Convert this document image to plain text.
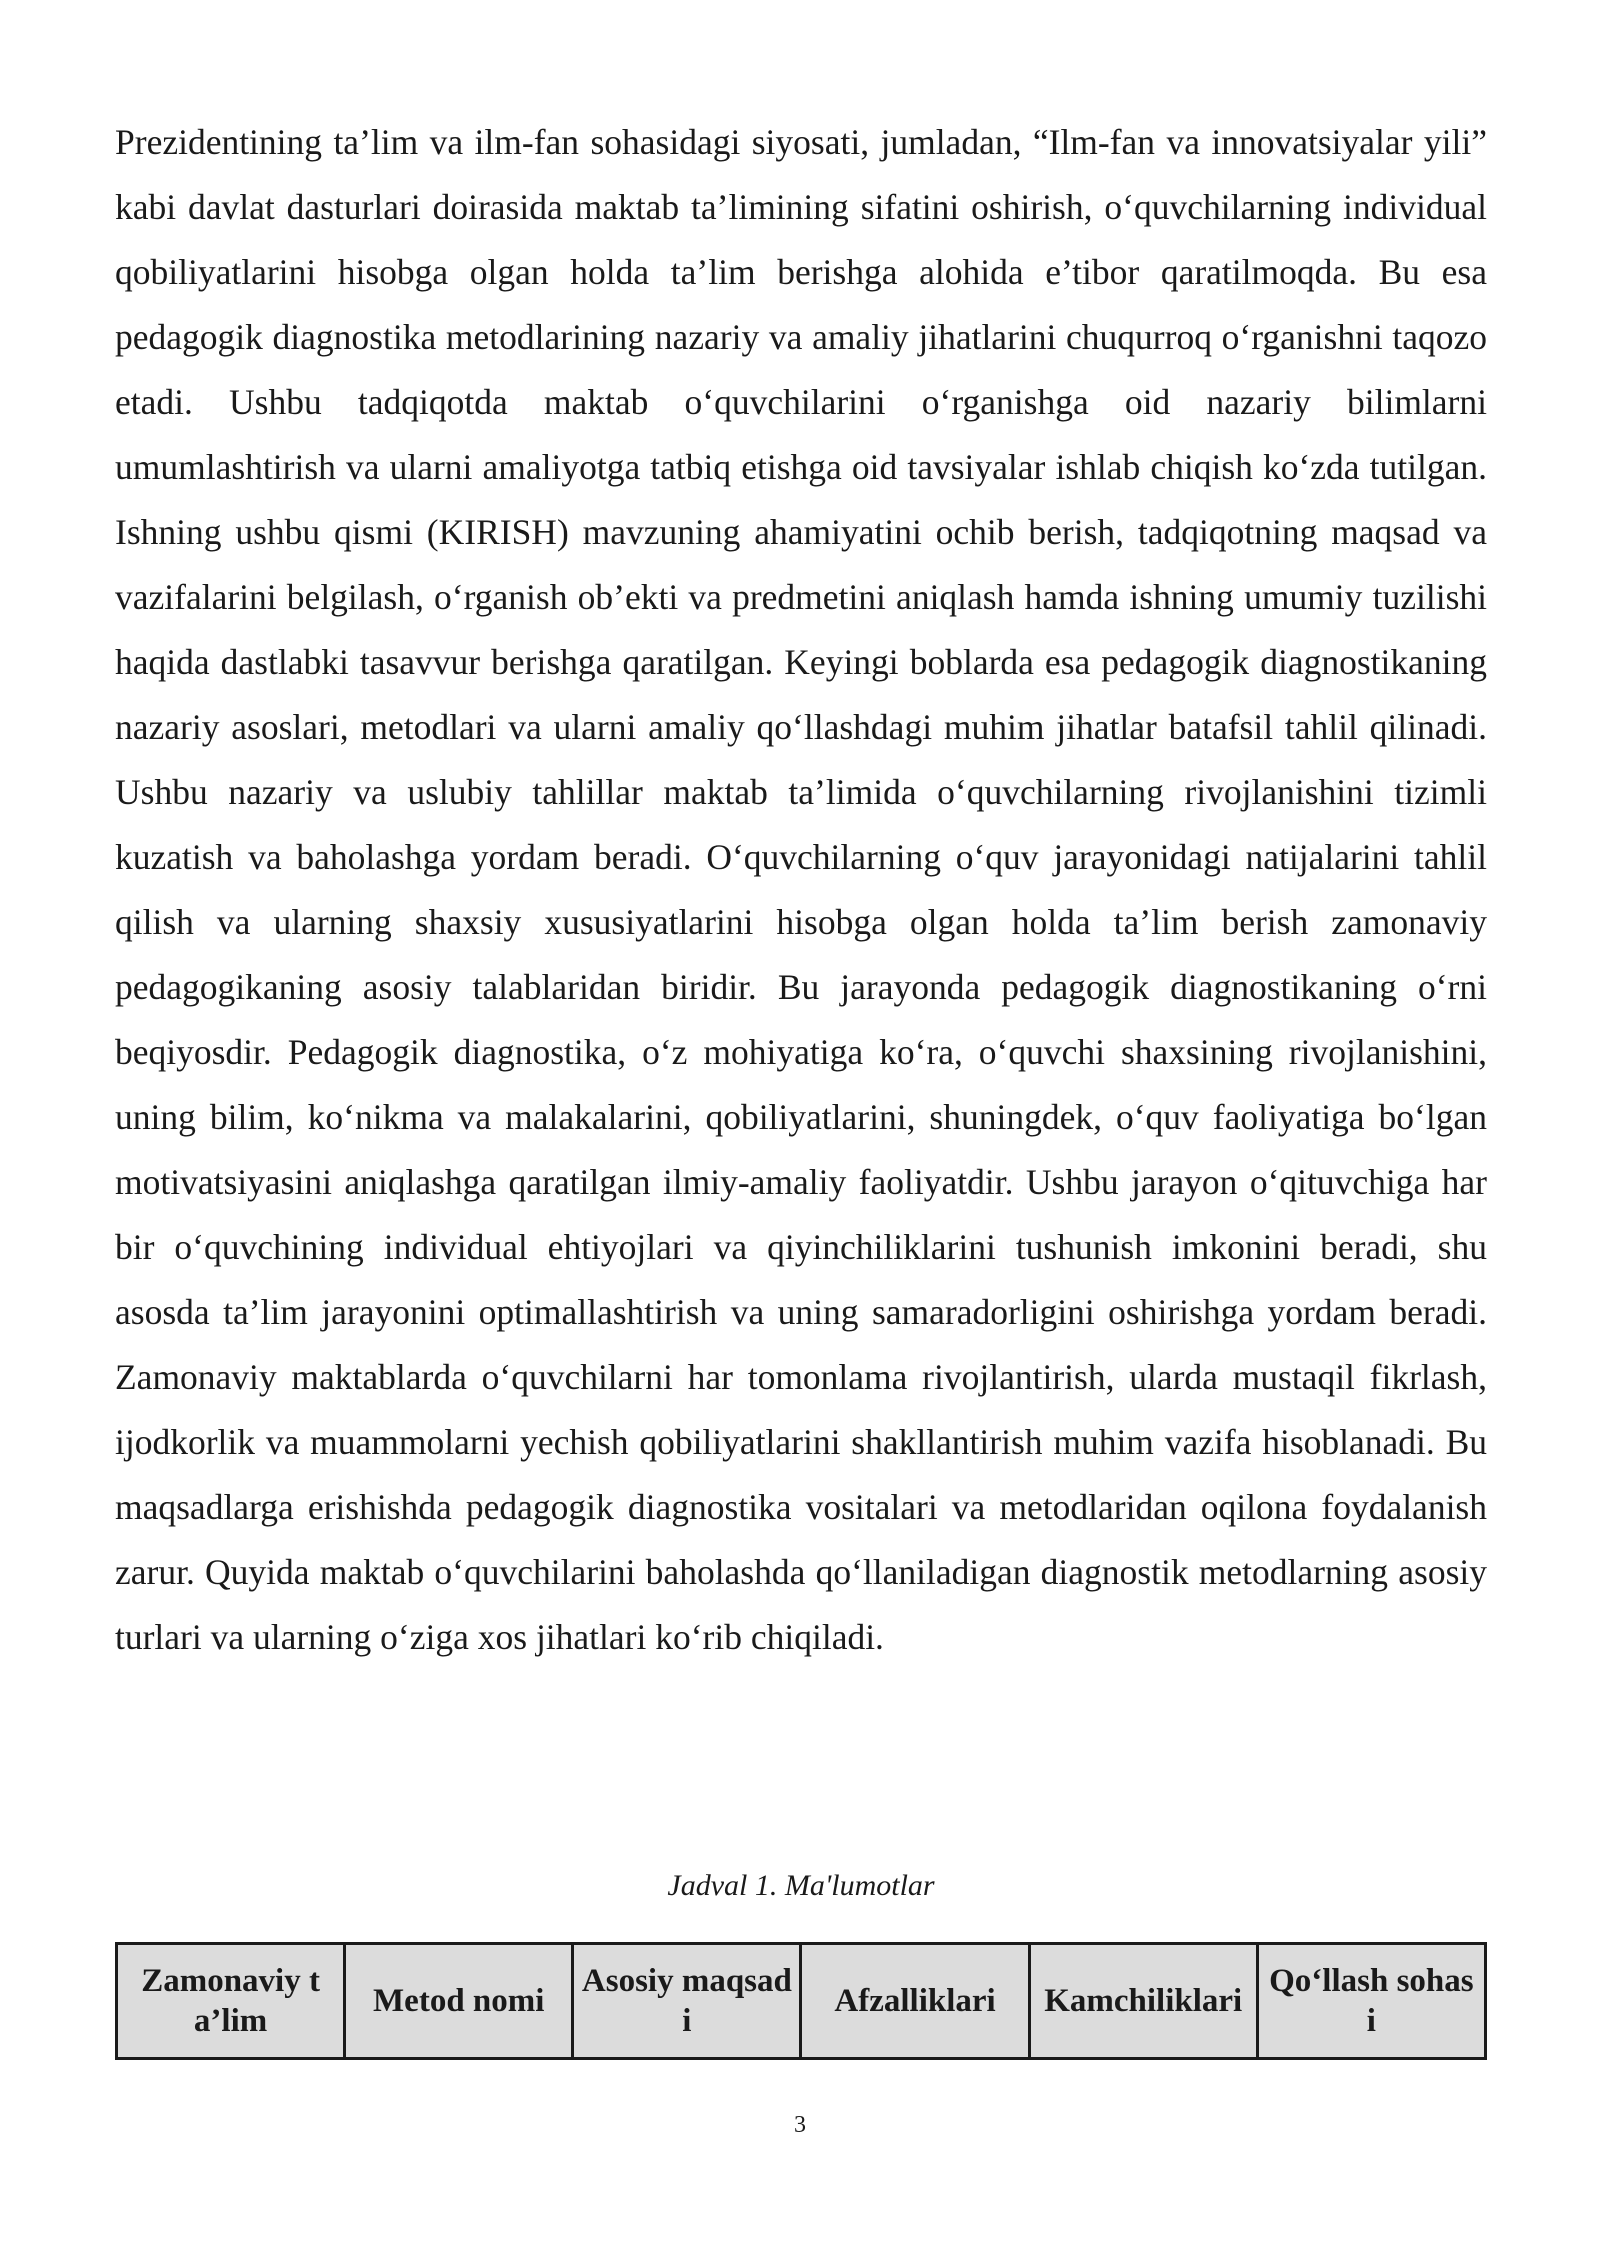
Prezidentining ta’lim va ilm-fan sohasidagi siyosati, jumladan, “Ilm-fan va innovatsiyalar yili” kabi davlat dasturlari doirasida maktab ta’limining sifatini oshirish, o‘quvchilarning individual qobiliyatlarini hisobga olgan holda ta’lim berishga alohida e’tibor qaratilmoqda. Bu esa pedagogik diagnostika metodlarining nazariy va amaliy jihatlarini chuqurroq o‘rganishni taqozo etadi. Ushbu tadqiqotda maktab o‘quvchilarini o‘rganishga oid nazariy bilimlarni umumlashtirish va ularni amaliyotga tatbiq etishga oid tavsiyalar ishlab chiqish ko‘zda tutilgan. Ishning ushbu qismi (KIRISH) mavzuning ahamiyatini ochib berish, tadqiqotning maqsad va vazifalarini belgilash, o‘rganish ob’ekti va predmetini aniqlash hamda ishning umumiy tuzilishi haqida dastlabki tasavvur berishga qaratilgan. Keyingi boblarda esa pedagogik diagnostikaning nazariy asoslari, metodlari va ularni amaliy qo‘llashdagi muhim jihatlar batafsil tahlil qilinadi. Ushbu nazariy va uslubiy tahlillar maktab ta’limida o‘quvchilarning rivojlanishini tizimli kuzatish va baholashga yordam beradi. O‘quvchilarning o‘quv jarayonidagi natijalarini tahlil qilish va ularning shaxsiy xususiyatlarini hisobga olgan holda ta’lim berish zamonaviy pedagogikaning asosiy talablaridan biridir. Bu jarayonda pedagogik diagnostikaning o‘rni beqiyosdir. Pedagogik diagnostika, o‘z mohiyatiga ko‘ra, o‘quvchi shaxsining rivojlanishini, uning bilim, ko‘nikma va malakalarini, qobiliyatlarini, shuningdek, o‘quv faoliyatiga bo‘lgan motivatsiyasini aniqlashga qaratilgan ilmiy-amaliy faoliyatdir. Ushbu jarayon o‘qituvchiga har bir o‘quvchining individual ehtiyojlari va qiyinchiliklarini tushunish imkonini beradi, shu asosda ta’lim jarayonini optimallashtirish va uning samaradorligini oshirishga yordam beradi. Zamonaviy maktablarda o‘quvchilarni har tomonlama rivojlantirish, ularda mustaqil fikrlash, ijodkorlik va muammolarni yechish qobiliyatlarini shakllantirish muhim vazifa hisoblanadi. Bu maqsadlarga erishishda pedagogik diagnostika vositalari va metodlaridan oqilona foydalanish zarur. Quyida maktab o‘quvchilarini baholashda qo‘llaniladigan diagnostik metodlarning asosiy turlari va ularning o‘ziga xos jihatlari ko‘rib chiqiladi.

Jadval 1. Ma'lumotlar

Zamonaviy ta’lim	Metod nomi	Asosiy maqsadi	Afzalliklari	Kamchiliklari	Qo‘llash sohasi

3
